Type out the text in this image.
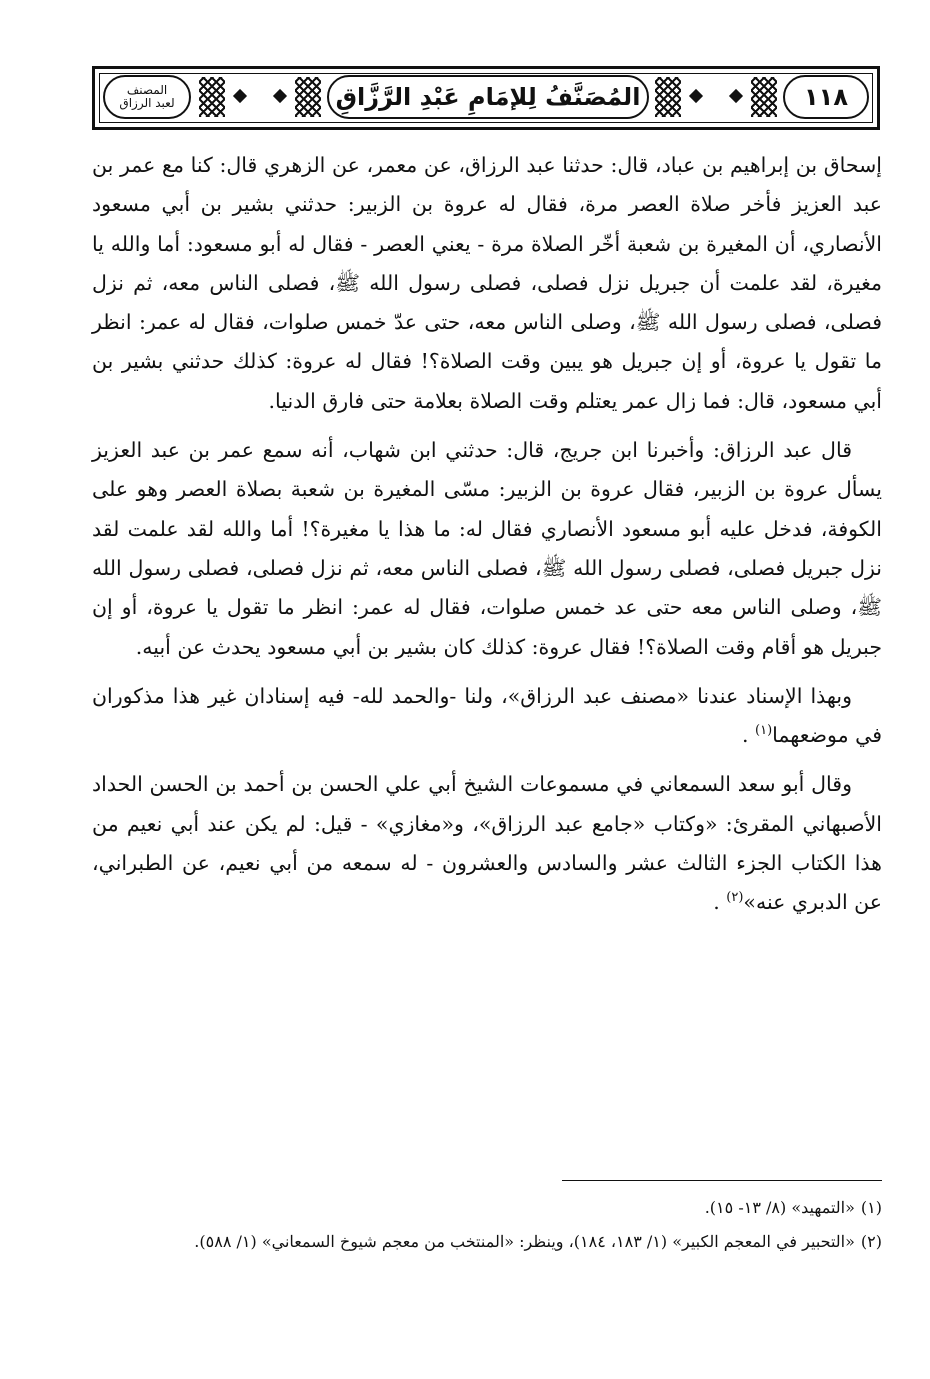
المصنف
لعبد الرزاق	المُصَنَّفُ لِلإمَامِ عَبْدِ الرَّزَّاقِ	١١٨

إسحاق بن إبراهيم بن عباد، قال: حدثنا عبد الرزاق، عن معمر، عن الزهري قال: كنا مع عمر بن عبد العزيز فأخر صلاة العصر مرة، فقال له عروة بن الزبير: حدثني بشير بن أبي مسعود الأنصاري، أن المغيرة بن شعبة أخّر الصلاة مرة - يعني العصر - فقال له أبو مسعود: أما والله يا مغيرة، لقد علمت أن جبريل نزل فصلى، فصلى رسول الله ﷺ، فصلى الناس معه، ثم نزل فصلى، فصلى رسول الله ﷺ، وصلى الناس معه، حتى عدّ خمس صلوات، فقال له عمر: انظر ما تقول يا عروة، أو إن جبريل هو يبين وقت الصلاة؟! فقال له عروة: كذلك حدثني بشير بن أبي مسعود، قال: فما زال عمر يعتلم وقت الصلاة بعلامة حتى فارق الدنيا.

قال عبد الرزاق: وأخبرنا ابن جريج، قال: حدثني ابن شهاب، أنه سمع عمر بن عبد العزيز يسأل عروة بن الزبير، فقال عروة بن الزبير: مسّى المغيرة بن شعبة بصلاة العصر وهو على الكوفة، فدخل عليه أبو مسعود الأنصاري فقال له: ما هذا يا مغيرة؟! أما والله لقد علمت لقد نزل جبريل فصلى، فصلى رسول الله ﷺ، فصلى الناس معه، ثم نزل فصلى، فصلى رسول الله ﷺ، وصلى الناس معه حتى عد خمس صلوات، فقال له عمر: انظر ما تقول يا عروة، أو إن جبريل هو أقام وقت الصلاة؟! فقال عروة: كذلك كان بشير بن أبي مسعود يحدث عن أبيه.

وبهذا الإسناد عندنا «مصنف عبد الرزاق»، ولنا -والحمد لله- فيه إسنادان غير هذا مذكوران في موضعهما$^{(١)}$ .

وقال أبو سعد السمعاني في مسموعات الشيخ أبي علي الحسن بن أحمد بن الحسن الحداد الأصبهاني المقرئ: «وكتاب «جامع عبد الرزاق»، و«مغازي» - قيل: لم يكن عند أبي نعيم من هذا الكتاب الجزء الثالث عشر والسادس والعشرون - له سمعه من أبي نعيم، عن الطبراني، عن الدبري عنه»$^{(٢)}$ .

(١)«التمهيد» (٨/ ١٣- ١٥).

(٢)«التحبير في المعجم الكبير» (١/ ١٨٣، ١٨٤)، وينظر: «المنتخب من معجم شيوخ السمعاني» (١/ ٥٨٨).
